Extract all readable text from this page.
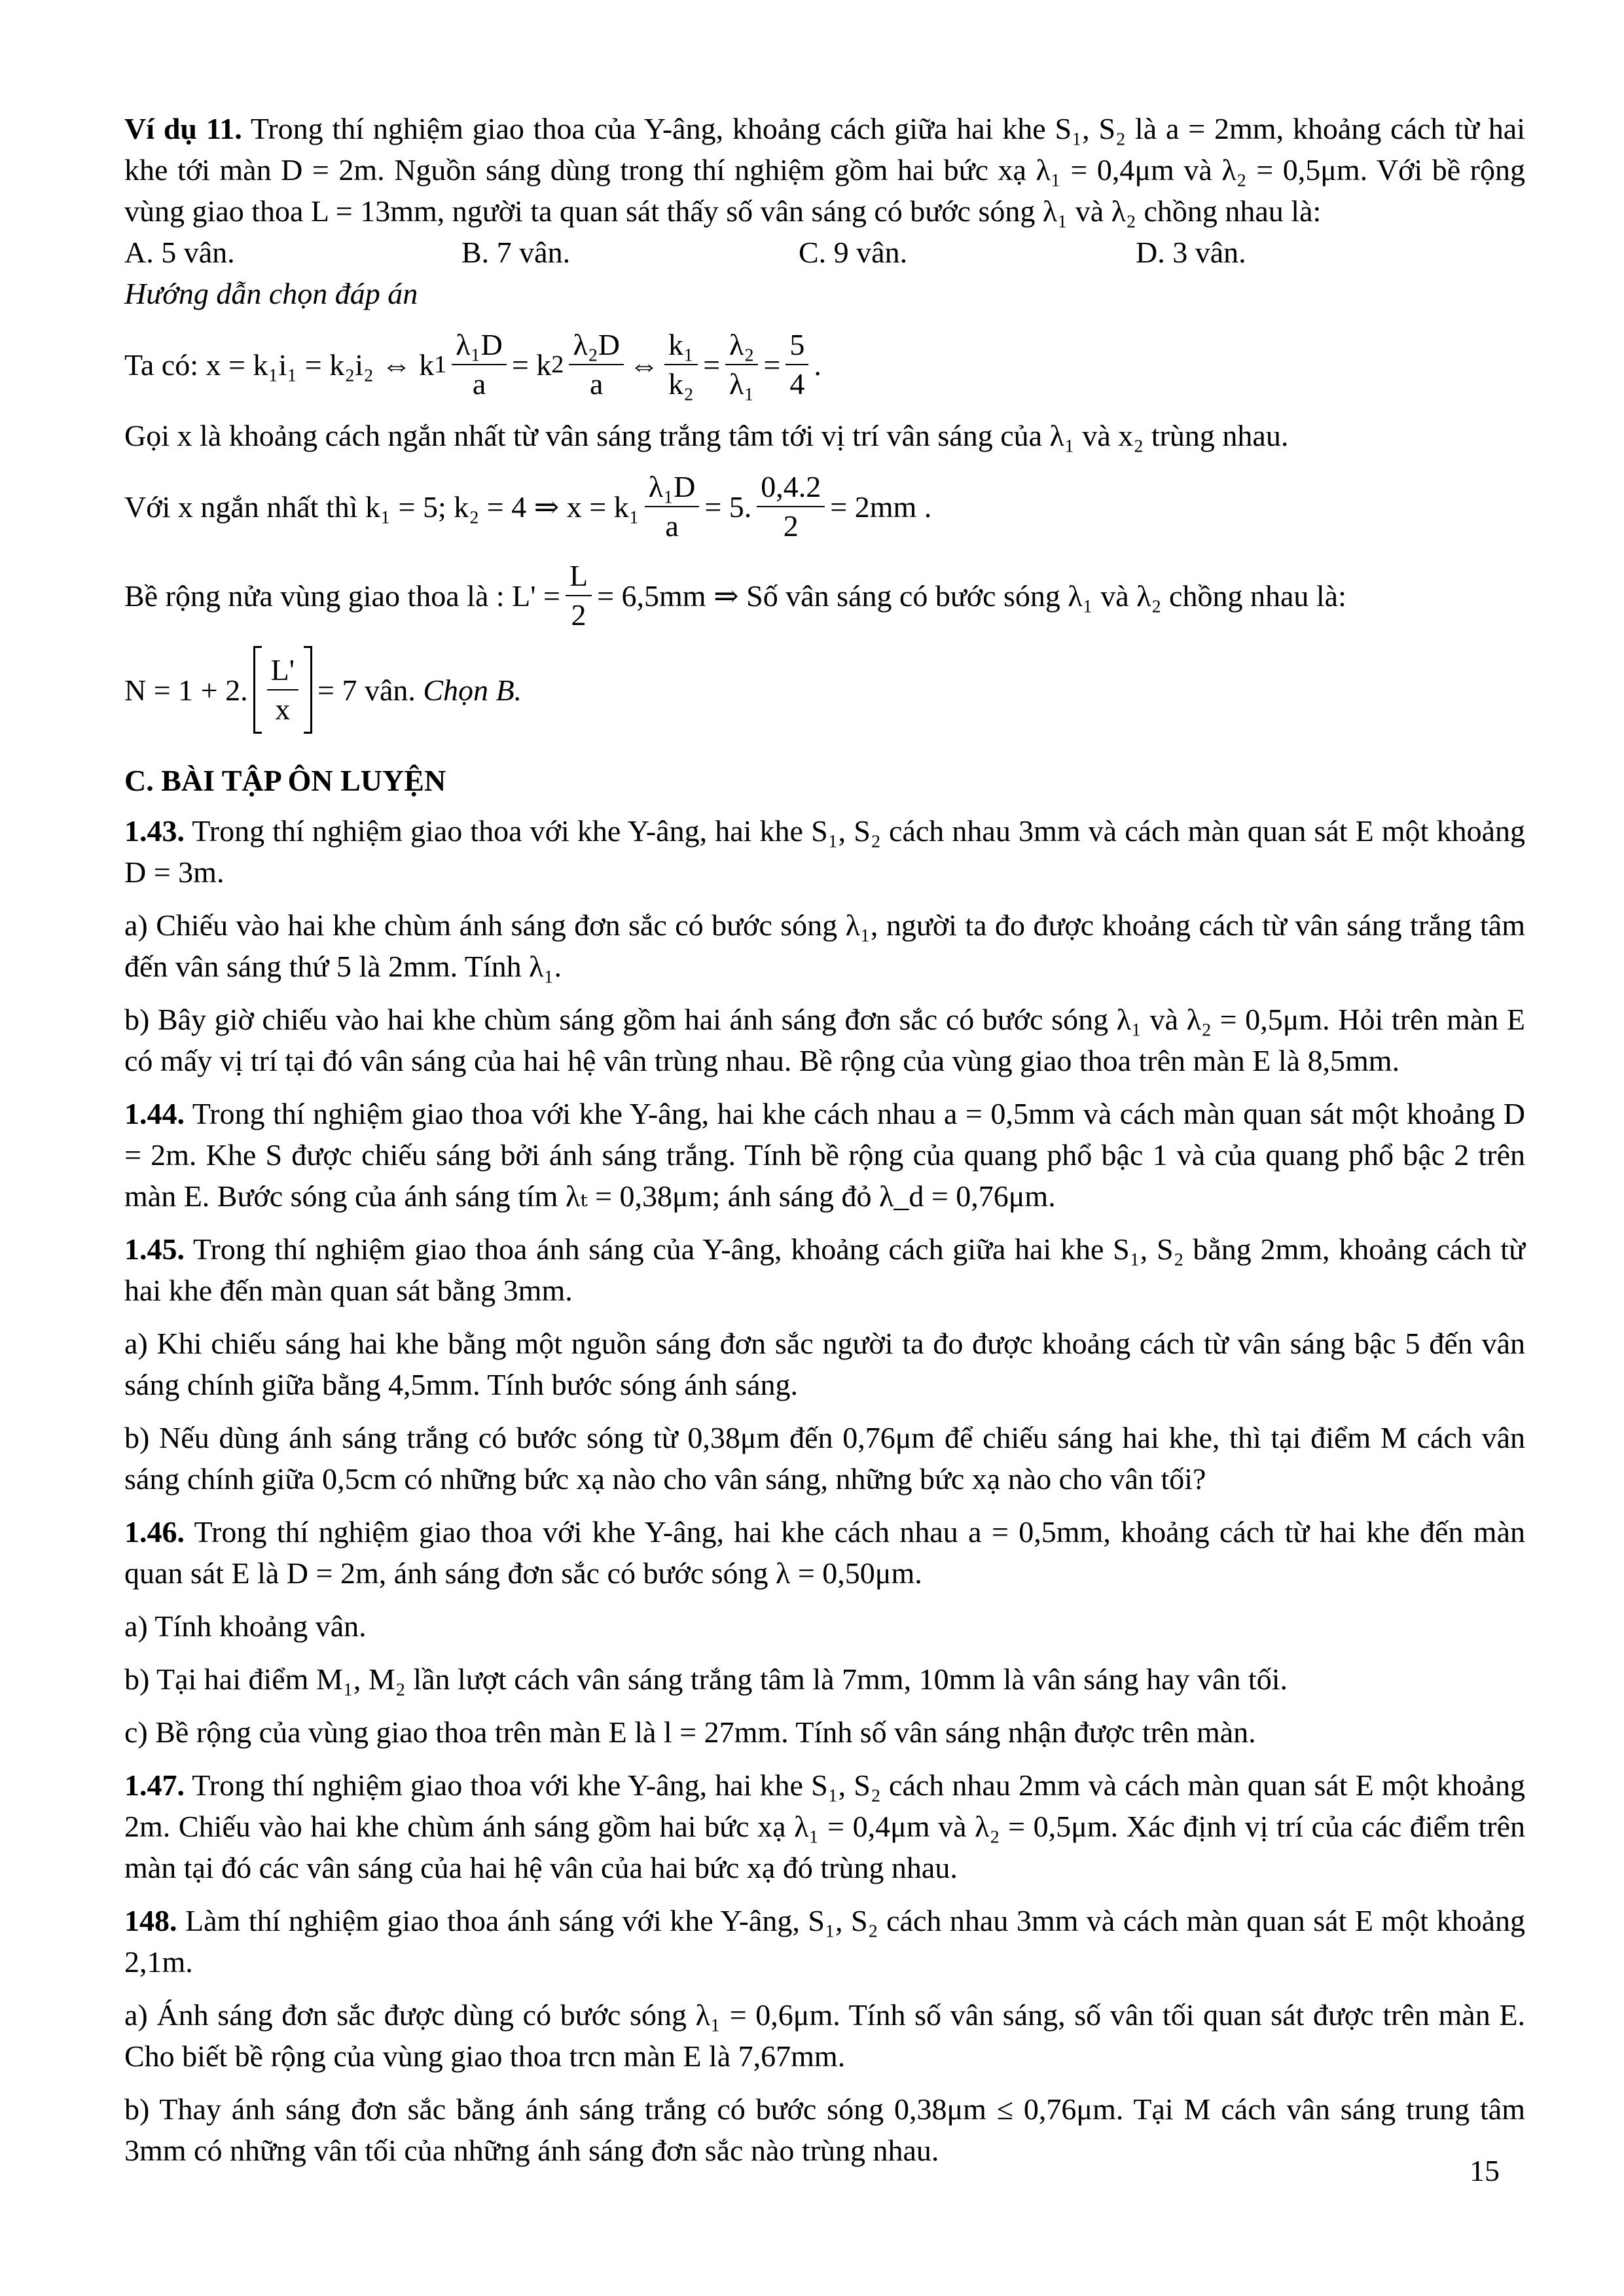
Ví dụ 11. Trong thí nghiệm giao thoa của Y-âng, khoảng cách giữa hai khe S₁, S₂ là a = 2mm, khoảng cách từ hai khe tới màn D = 2m. Nguồn sáng dùng trong thí nghiệm gồm hai bức xạ λ₁ = 0,4μm và λ₂ = 0,5μm. Với bề rộng vùng giao thoa L = 13mm, người ta quan sát thấy số vân sáng có bước sóng λ₁ và λ₂ chồng nhau là:

A. 5 vân.	B. 7 vân.	C. 9 vân.	D. 3 vân.

Hướng dẫn chọn đáp án

Ta có: x = k₁i₁ = k₂i₂ ⇔ k $1 \frac{\text{λ₁D}}{a} = k$ $2 \frac{\text{λ₂D}}{a}$ ⇔ $\frac{\text{k₁}}{\text{k₂}} = \frac{\text{λ₂}}{\text{λ₁}} = \frac{5}{4}$ .

Gọi x là khoảng cách ngắn nhất từ vân sáng trắng tâm tới vị trí vân sáng của λ₁ và x₂ trùng nhau.

Với x ngắn nhất thì k₁ = 5; k₂ = 4 ⇒ $x = k_1 \frac{\text{λ₁D}}{a} = 5$. $\frac{0,4.2}{2} = 2mm$ .
Bề rộng nửa vùng giao thoa là : $L' = \frac{L}{2} = 6,5mm$ ⇒ Số vân sáng có bước sóng λ₁ và λ₂ chồng nhau là:
N = 1 + 2. $\frac{L'}{x} = 7$ vân.
Chọn B.

C. BÀI TẬP ÔN LUYỆN

1.43. Trong thí nghiệm giao thoa với khe Y-âng, hai khe S₁, S₂ cách nhau 3mm và cách màn quan sát E một khoảng D = 3m.

a) Chiếu vào hai khe chùm ánh sáng đơn sắc có bước sóng λ₁, người ta đo được khoảng cách từ vân sáng trắng tâm đến vân sáng thứ 5 là 2mm. Tính λ₁.

b) Bây giờ chiếu vào hai khe chùm sáng gồm hai ánh sáng đơn sắc có bước sóng λ₁ và λ₂ = 0,5μm. Hỏi trên màn E có mấy vị trí tại đó vân sáng của hai hệ vân trùng nhau. Bề rộng của vùng giao thoa trên màn E là 8,5mm.

1.44. Trong thí nghiệm giao thoa với khe Y-âng, hai khe cách nhau a = 0,5mm và cách màn quan sát một khoảng D = 2m. Khe S được chiếu sáng bởi ánh sáng trắng. Tính bề rộng của quang phổ bậc 1 và của quang phổ bậc 2 trên màn E. Bước sóng của ánh sáng tím λₜ = 0,38μm; ánh sáng đỏ λ_d = 0,76μm.

1.45. Trong thí nghiệm giao thoa ánh sáng của Y-âng, khoảng cách giữa hai khe S₁, S₂ bằng 2mm, khoảng cách từ hai khe đến màn quan sát bằng 3mm.

a) Khi chiếu sáng hai khe bằng một nguồn sáng đơn sắc người ta đo được khoảng cách từ vân sáng bậc 5 đến vân sáng chính giữa bằng 4,5mm. Tính bước sóng ánh sáng.

b) Nếu dùng ánh sáng trắng có bước sóng từ 0,38μm đến 0,76μm để chiếu sáng hai khe, thì tại điểm M cách vân sáng chính giữa 0,5cm có những bức xạ nào cho vân sáng, những bức xạ nào cho vân tối?

1.46. Trong thí nghiệm giao thoa với khe Y-âng, hai khe cách nhau a = 0,5mm, khoảng cách từ hai khe đến màn quan sát E là D = 2m, ánh sáng đơn sắc có bước sóng λ = 0,50μm.

a) Tính khoảng vân.

b) Tại hai điểm M₁, M₂ lần lượt cách vân sáng trắng tâm là 7mm, 10mm là vân sáng hay vân tối.

c) Bề rộng của vùng giao thoa trên màn E là l = 27mm. Tính số vân sáng nhận được trên màn.

1.47. Trong thí nghiệm giao thoa với khe Y-âng, hai khe S₁, S₂ cách nhau 2mm và cách màn quan sát E một khoảng 2m. Chiếu vào hai khe chùm ánh sáng gồm hai bức xạ λ₁ = 0,4μm và λ₂ = 0,5μm. Xác định vị trí của các điểm trên màn tại đó các vân sáng của hai hệ vân của hai bức xạ đó trùng nhau.

148. Làm thí nghiệm giao thoa ánh sáng với khe Y-âng, S₁, S₂ cách nhau 3mm và cách màn quan sát E một khoảng 2,1m.

a) Ánh sáng đơn sắc được dùng có bước sóng λ₁ = 0,6μm. Tính số vân sáng, số vân tối quan sát được trên màn E. Cho biết bề rộng của vùng giao thoa trcn màn E là 7,67mm.

b) Thay ánh sáng đơn sắc bằng ánh sáng trắng có bước sóng 0,38μm ≤ 0,76μm. Tại M cách vân sáng trung tâm 3mm có những vân tối của những ánh sáng đơn sắc nào trùng nhau.

15
